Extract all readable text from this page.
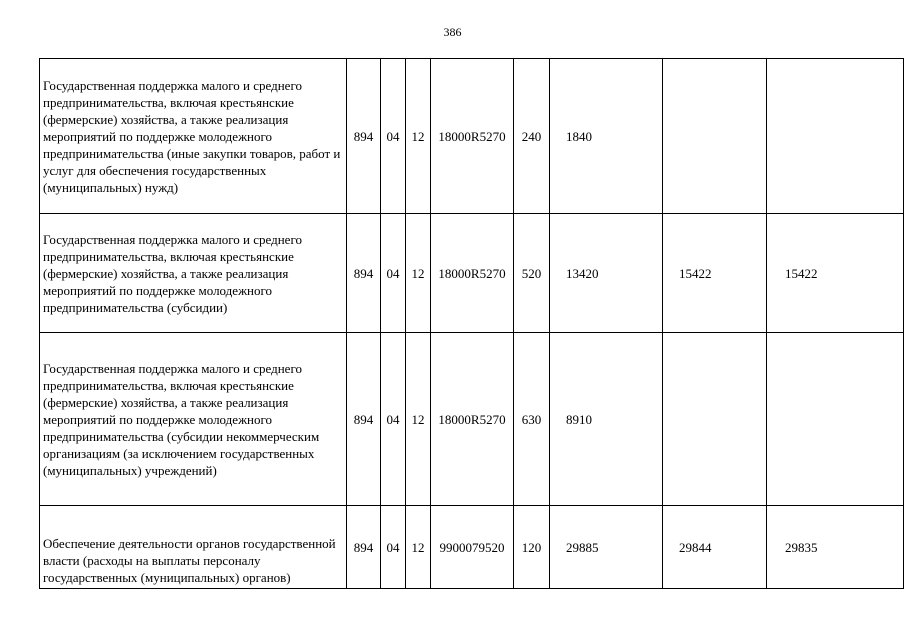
386
Государственная поддержка малого и среднего предпринимательства, включая крестьянские (фермерские) хозяйства, а также реализация мероприятий по поддержке молодежного предпринимательства (иные закупки товаров, работ и услуг для обеспечения государственных (муниципальных) нужд)	894	04	12	18000R5270	240	1840		
Государственная поддержка малого и среднего предпринимательства, включая крестьянские (фермерские) хозяйства, а также реализация мероприятий по поддержке молодежного предпринимательства (субсидии)	894	04	12	18000R5270	520	13420	15422	15422
Государственная поддержка малого и среднего предпринимательства, включая крестьянские (фермерские) хозяйства, а также реализация мероприятий по поддержке молодежного предпринимательства (субсидии некоммерческим организациям (за исключением государственных (муниципальных) учреждений)	894	04	12	18000R5270	630	8910		
Обеспечение деятельности органов государственной власти (расходы на выплаты персоналу государственных (муниципальных) органов)	894	04	12	9900079520	120	29885	29844	29835
